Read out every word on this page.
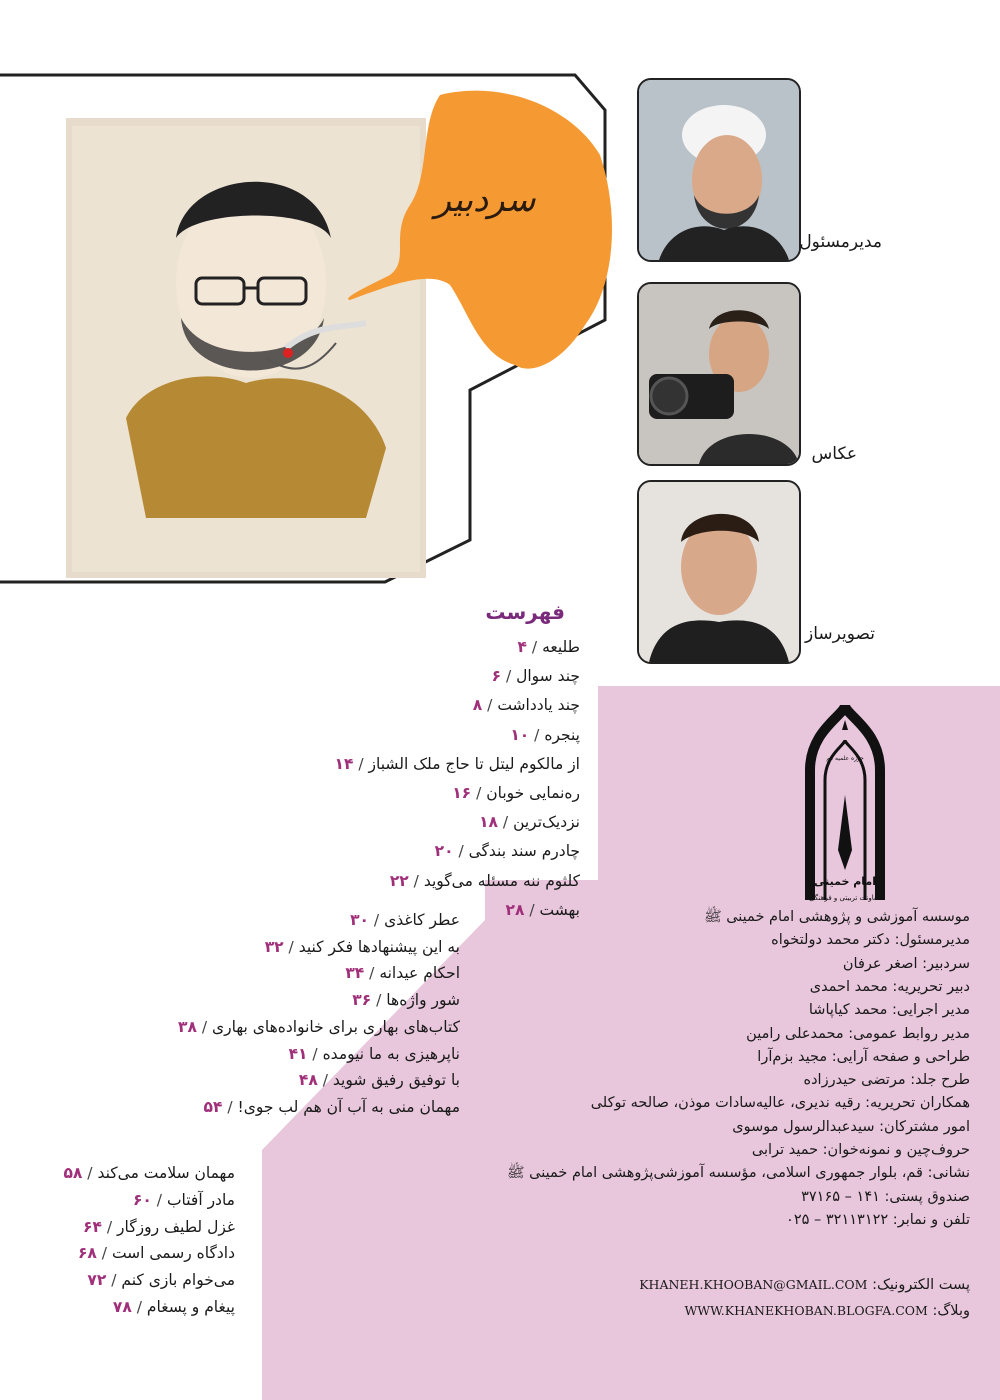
سردبیر
مدیرمسئول
عکاس
تصویرساز
فهرست
طلیعه / ۴
چند سوال / ۶
چند یادداشت / ۸
پنجره / ۱۰
از مالکوم لیتل تا حاج ملک الشباز / ۱۴
ره‌نمایی خوبان / ۱۶
نزدیک‌ترین / ۱۸
چادرم سند بندگی / ۲۰
کلثوم ننه مسئله می‌گوید / ۲۲
بهشت / ۲۸
عطر کاغذی / ۳۰
به این پیشنهادها فکر کنید / ۳۲
احکام عیدانه / ۳۴
شور واژه‌ها / ۳۶
کتاب‌های بهاری برای خانواده‌های بهاری / ۳۸
ناپرهیزی به ما نیومده / ۴۱
با توفیق رفیق شوید / ۴۸
مهمان منی به آب آن هم لب جوی! / ۵۴
مهمان سلامت می‌کند / ۵۸
مادر آفتاب / ۶۰
غزل لطیف روزگار / ۶۴
دادگاه رسمی است / ۶۸
می‌خوام بازی کنم / ۷۲
پیغام و پسغام / ۷۸
حوزه علمیه قم
امام خمینی
معاونت تربیتی و فرهنگی
موسسه آموزشی و پژوهشی امام خمینی ﷺ
مدیرمسئول: دکتر محمد دولتخواه
سردبیر: اصغر عرفان
دبیر تحریریه: محمد احمدی
مدیر اجرایی: محمد کیاپاشا
مدیر روابط عمومی: محمدعلی رامین
طراحی و صفحه آرایی: مجید بزم‌آرا
طرح جلد: مرتضی حیدرزاده
همکاران تحریریه: رقیه ندیری، عالیه‌سادات موذن، صالحه توکلی
امور مشترکان: سیدعبدالرسول موسوی
حروف‌چین و نمونه‌خوان: حمید ترابی
نشانی: قم، بلوار جمهوری اسلامی، مؤسسه آموزشی‌پژوهشی امام خمینی ﷺ
صندوق پستی: ۱۴۱ – ۳۷۱۶۵
تلفن و نمابر: ۳۲۱۱۳۱۲۲ – ۰۲۵
پست الکترونیک: KHANEH.KHOOBAN@GMAIL.COM
وبلاگ: WWW.KHANEKHOBAN.BLOGFA.COM
